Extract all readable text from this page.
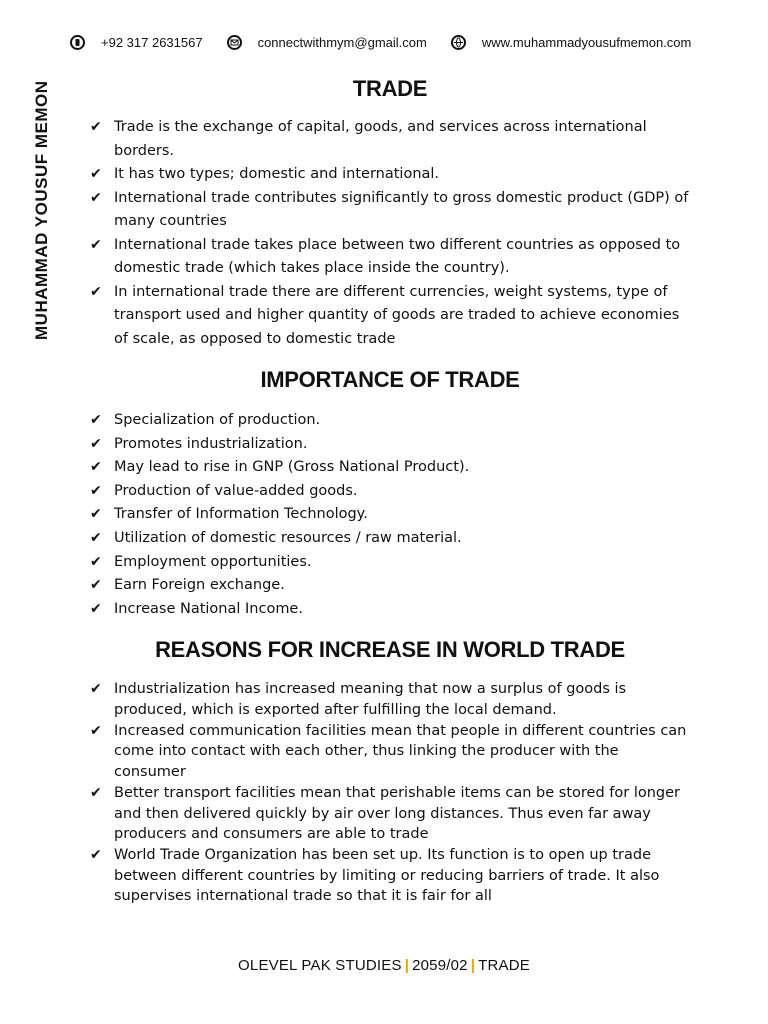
+92 317 2631567	connectwithmym@gmail.com	www.muhammadyousufmemon.com
MUHAMMAD YOUSUF MEMON	TRADE
✔ Trade is the exchange of capital, goods, and services across international borders.
✔ It has two types; domestic and international.
✔ International trade contributes significantly to gross domestic product (GDP) of many countries
✔ International trade takes place between two different countries as opposed to domestic trade (which takes place inside the country).
✔ In international trade there are different currencies, weight systems, type of transport used and higher quantity of goods are traded to achieve economies of scale, as opposed to domestic trade
IMPORTANCE OF TRADE
✔ Specialization of production.
✔ Promotes industrialization.
✔ May lead to rise in GNP (Gross National Product).
✔ Production of value-added goods.
✔ Transfer of Information Technology.
✔ Utilization of domestic resources / raw material.
✔ Employment opportunities.
✔ Earn Foreign exchange.
✔ Increase National Income.
REASONS FOR INCREASE IN WORLD TRADE
✔ Industrialization has increased meaning that now a surplus of goods is produced, which is exported after fulfilling the local demand.
✔ Increased communication facilities mean that people in different countries can come into contact with each other, thus linking the producer with the consumer
✔ Better transport facilities mean that perishable items can be stored for longer and then delivered quickly by air over long distances. Thus even far away producers and consumers are able to trade
✔ World Trade Organization has been set up. Its function is to open up trade between different countries by limiting or reducing barriers of trade. It also supervises international trade so that it is fair for all
OLEVEL PAK STUDIES | 2059/02 | TRADE
